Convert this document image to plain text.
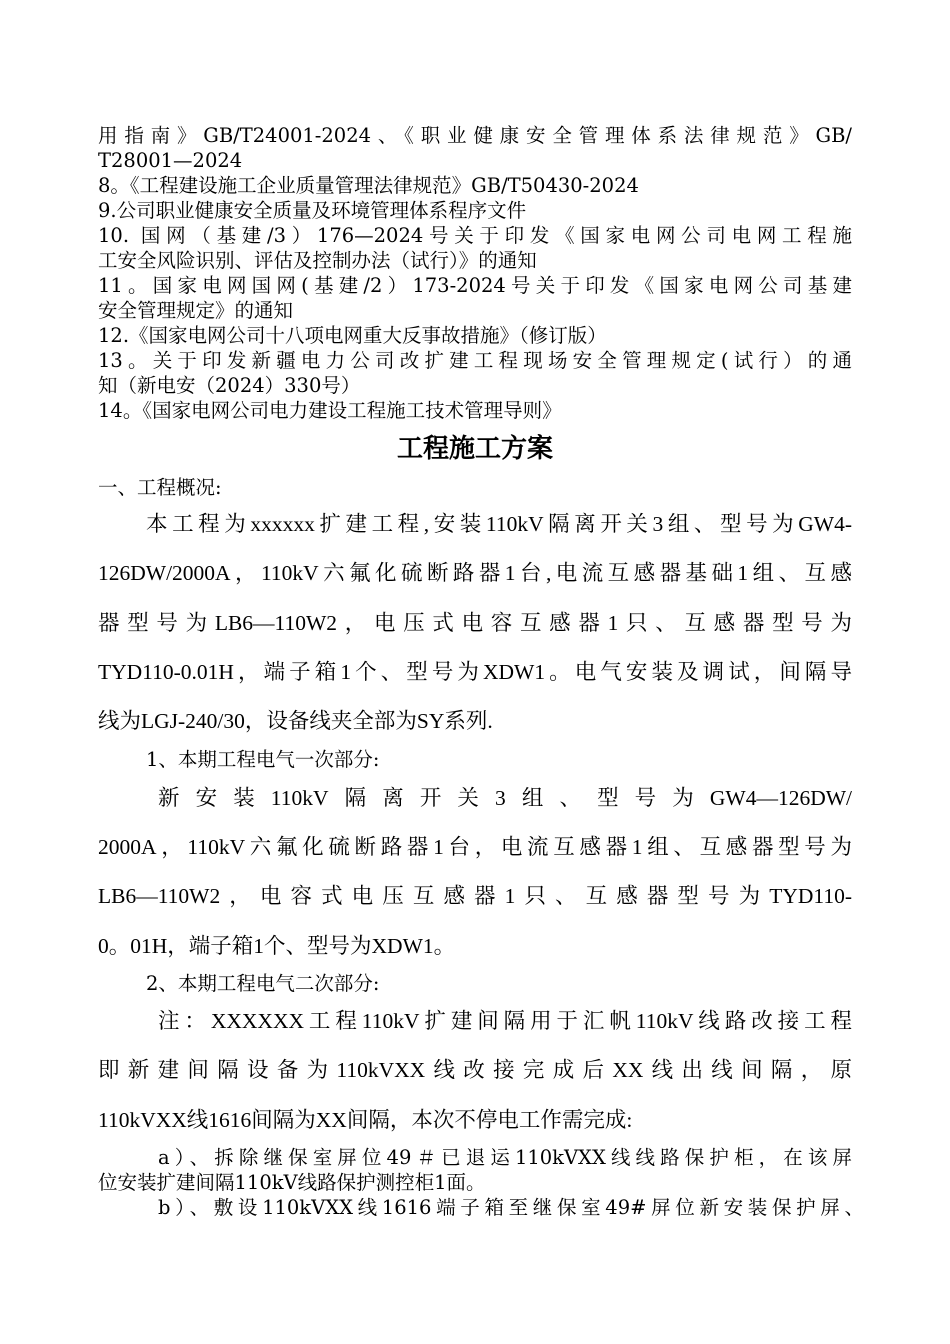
用指南》GB/T24001-2024、《职业健康安全管理体系法律规范》GB/
T28001—2024
8。《工程建设施工企业质量管理法律规范》GB/T50430-2024
9.公司职业健康安全质量及环境管理体系程序文件
10. 国网（基建/3）176—2024号关于印发《国家电网公司电网工程施
工安全风险识别、评估及控制办法（试行）》的通知
11。国家电网国网(基建/2）173-2024号关于印发《国家电网公司基建
安全管理规定》的通知
12.《国家电网公司十八项电网重大反事故措施》（修订版）
13。关于印发新疆电力公司改扩建工程现场安全管理规定(试行）的通
知（新电安（2024）330号）
14。《国家电网公司电力建设工程施工技术管理导则》
工程施工方案
一、工程概况:
本工程为xxxxxx扩建工程,安装110kV隔离开关3组、型号为GW4-
126DW/2000A，110kV六氟化硫断路器1台,电流互感器基础1组、互感
器型号为LB6—110W2，电压式电容互感器1只、互感器型号为
TYD110-0.01H，端子箱1个、型号为XDW1。电气安装及调试，间隔导
线为LGJ-240/30，设备线夹全部为SY系列.
1、本期工程电气一次部分:
新安装110kV隔离开关3组、型号为GW4—126DW/
2000A，110kV六氟化硫断路器1台，电流互感器1组、互感器型号为
LB6—110W2，电容式电压互感器1只、互感器型号为TYD110-
0。01H，端子箱1个、型号为XDW1。
2、本期工程电气二次部分:
注：XXXXXX工程110kV扩建间隔用于汇帆110kV线路改接工程
即新建间隔设备为110kVXX线改接完成后XX线出线间隔，原
110kVXX线1616间隔为XX间隔，本次不停电工作需完成:
a）、拆除继保室屏位49＃已退运110kVXX线线路保护柜，在该屏
位安装扩建间隔110kV线路保护测控柜1面。
b）、敷设110kVXX线1616端子箱至继保室49#屏位新安装保护屏、
